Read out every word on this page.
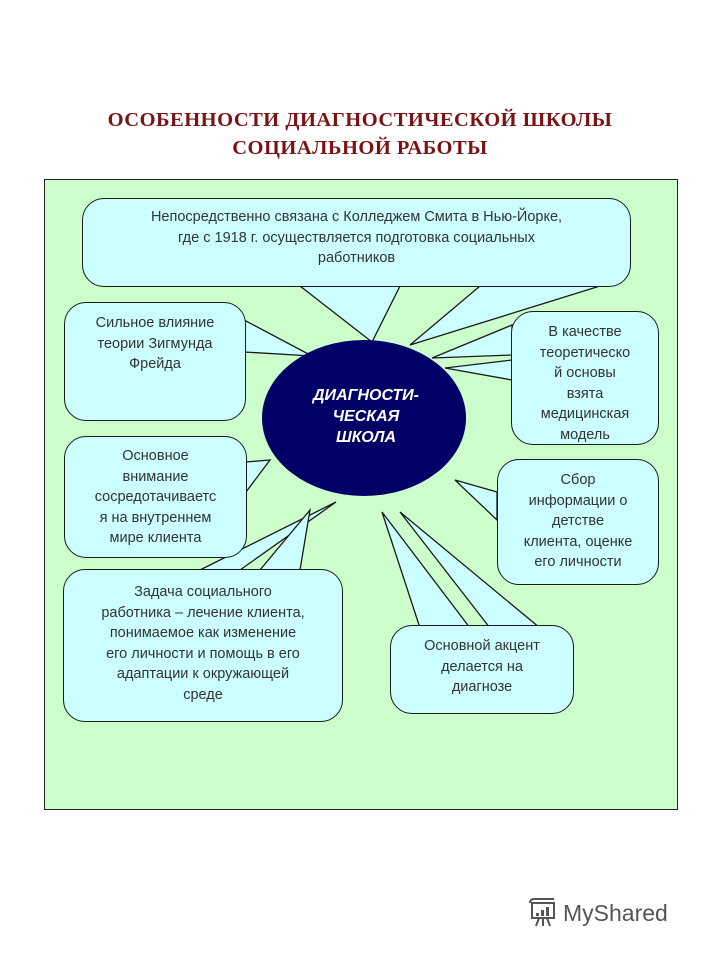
ОСОБЕННОСТИ ДИАГНОСТИЧЕСКОЙ ШКОЛЫ
СОЦИАЛЬНОЙ РАБОТЫ
Непосредственно связана с Колледжем Смита в Нью-Йорке,
где с 1918 г. осуществляется подготовка социальных
работников
Сильное влияние
теории Зигмунда
Фрейда
В качестве
теоретическо
й основы
взята
медицинская
модель
Основное
внимание
сосредотачиваетс
я на внутреннем
мире клиента
Сбор
информации о
детстве
клиента, оценке
его личности
Задача социального
работника – лечение клиента,
понимаемое как изменение
его личности и помощь в его
адаптации к окружающей
среде
Основной акцент
делается на
диагнозе
ДИАГНОСТИ-
ЧЕСКАЯ
ШКОЛА
MyShared
